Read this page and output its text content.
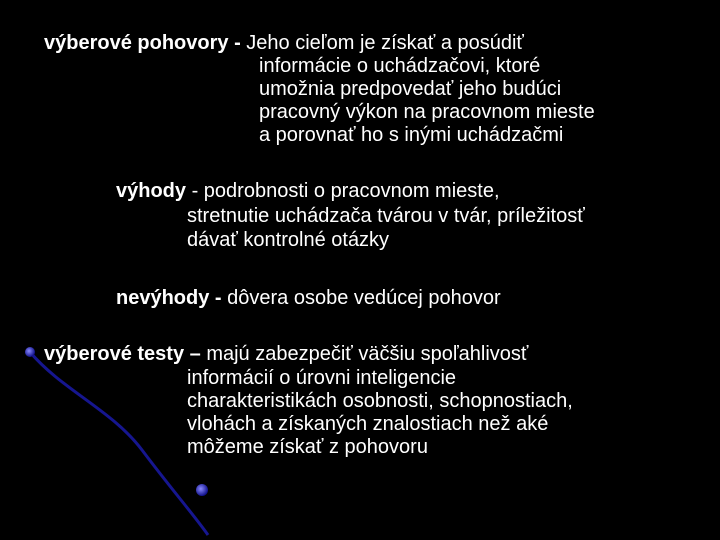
výberové pohovory - Jeho cieľom je získať a posúdiť
informácie o uchádzačovi, ktoré
umožnia predpovedať jeho budúci
pracovný výkon na pracovnom mieste
a porovnať ho s inými uchádzačmi
výhody - podrobnosti o pracovnom mieste,
stretnutie uchádzača tvárou v tvár, príležitosť
dávať kontrolné otázky
nevýhody - dôvera osobe vedúcej pohovor
výberové testy – majú zabezpečiť väčšiu spoľahlivosť
informácií o úrovni inteligencie
charakteristikách osobnosti, schopnostiach,
vlohách a získaných znalostiach než aké
môžeme získať z pohovoru
